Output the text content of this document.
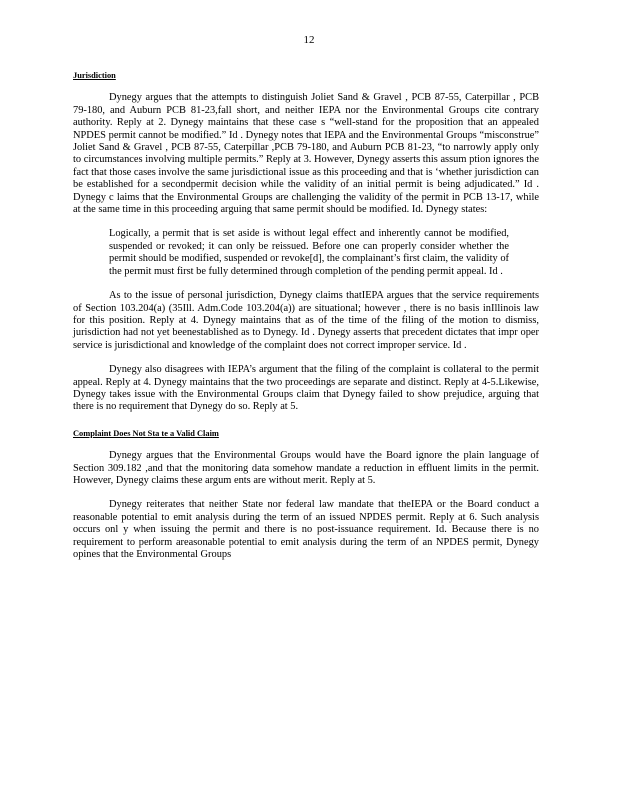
12
Jurisdiction

Dynegy argues that the attempts to distinguish Joliet Sand & Gravel , PCB 87-55, Caterpillar , PCB 79-180, and Auburn PCB 81-23,fall short, and neither IEPA nor the Environmental Groups cite contrary authority. Reply at 2. Dynegy maintains that these case s “well-stand for the proposition that an appealed NPDES permit cannot be modified.” Id . Dynegy notes that IEPA and the Environmental Groups “misconstrue” Joliet Sand & Gravel , PCB 87-55, Caterpillar ,PCB 79-180, and Auburn PCB 81-23, “to narrowly apply only to circumstances involving multiple permits.” Reply at 3. However, Dynegy asserts this assum ption ignores the fact that those cases involve the same jurisdictional issue as this proceeding and that is ‘whether jurisdiction can be established for a secondpermit decision while the validity of an initial permit is being adjudicated.” Id . Dynegy c laims that the Environmental Groups are challenging the validity of the permit in PCB 13-17, while at the same time in this proceeding arguing that same permit should be modified. Id. Dynegy states:

Logically, a permit that is set aside is without legal effect and inherently cannot be modified, suspended or revoked; it can only be reissued. Before one can properly consider whether the permit should be modified, suspended or revoke[d], the complainant’s first claim, the validity of the permit must first be fully determined through completion of the pending permit appeal. Id .

As to the issue of personal jurisdiction, Dynegy claims thatIEPA argues that the service requirements of Section 103.204(a) (35Ill. Adm.Code 103.204(a)) are situational; however , there is no basis inIllinois law for this position. Reply at 4. Dynegy maintains that as of the time of the filing of the motion to dismiss, jurisdiction had not yet beenestablished as to Dynegy. Id . Dynegy asserts that precedent dictates that impr oper service is jurisdictional and knowledge of the complaint does not correct improper service. Id .

Dynegy also disagrees with IEPA’s argument that the filing of the complaint is collateral to the permit appeal. Reply at 4. Dynegy maintains that the two proceedings are separate and distinct. Reply at 4-5.Likewise, Dynegy takes issue with the Environmental Groups claim that Dynegy failed to show prejudice, arguing that there is no requirement that Dynegy do so. Reply at 5.

Complaint Does Not Sta te a Valid Claim

Dynegy argues that the Environmental Groups would have the Board ignore the plain language of Section 309.182 ,and that the monitoring data somehow mandate a reduction in effluent limits in the permit. However, Dynegy claims these argum ents are without merit. Reply at 5.

Dynegy reiterates that neither State nor federal law mandate that theIEPA or the Board conduct a reasonable potential to emit analysis during the term of an issued NPDES permit. Reply at 6. Such analysis occurs onl y when issuing the permit and there is no post-issuance requirement. Id. Because there is no requirement to perform areasonable potential to emit analysis during the term of an NPDES permit, Dynegy opines that the Environmental Groups
